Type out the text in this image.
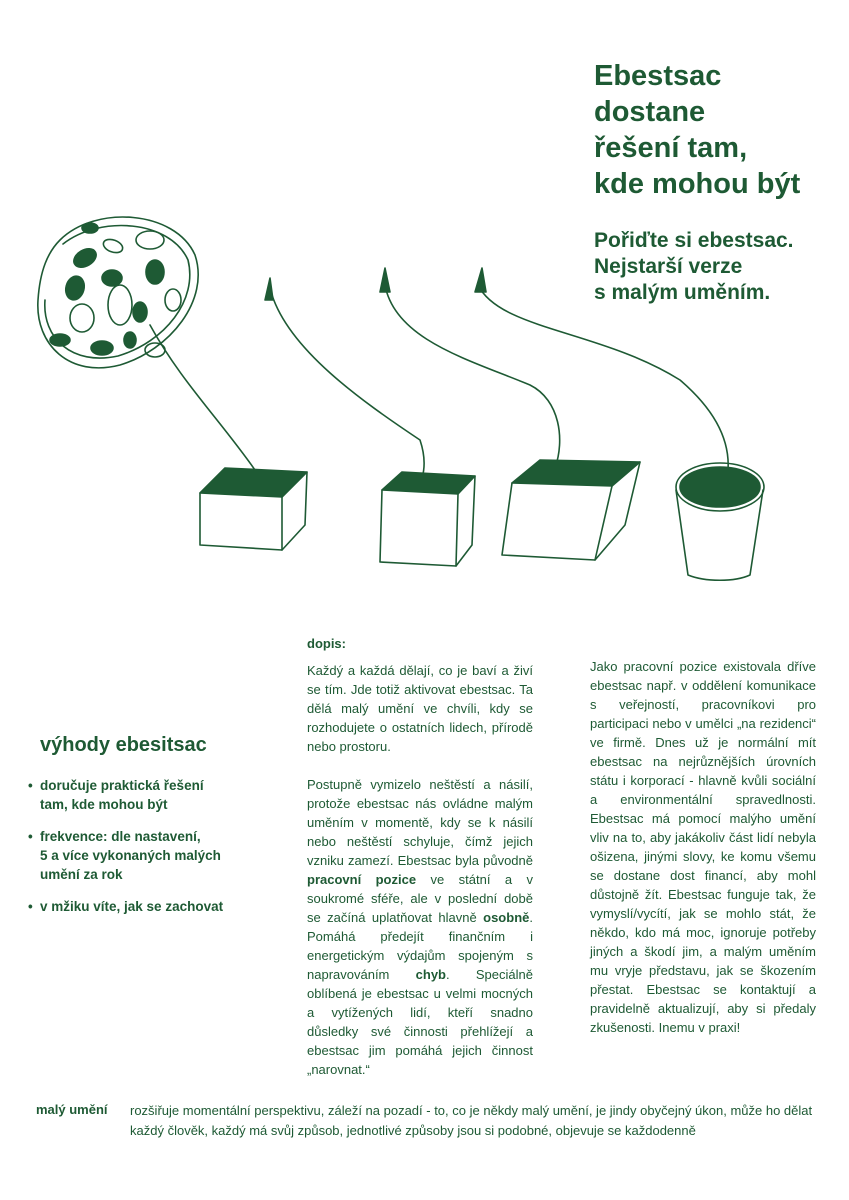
Ebestsac
dostane
řešení tam,
kde mohou být
Pořiďte si ebestsac.
Nejstarší verze
s malým uměním.
výhody ebesitsac
• doručuje praktická řešení
tam, kde mohou být
• frekvence: dle nastavení,
5 a více vykonaných malých
umění za rok
• v mžiku víte, jak se zachovat

dopis:

Každý a každá dělají, co je baví a živí se tím. Jde totiž aktivovat ebestsac. Ta dělá malý umění ve chvíli, kdy se rozhodujete o ostatních lidech, přírodě nebo prostoru.

Postupně vymizelo neštěstí a násilí, protože ebestsac nás ovládne malým uměním v momentě, kdy se k násilí nebo neštěstí schyluje, čímž jejich vzniku zamezí. Ebestsac byla původně pracovní pozice ve státní a v soukromé sféře, ale v poslední době se začíná uplatňovat hlavně osobně. Pomáhá předejít finančním i energetickým výdajům spojeným s napravováním chyb. Speciálně oblíbená je ebestsac u velmi mocných a vytížených lidí, kteří snadno důsledky své činnosti přehlížejí a ebestsac jim pomáhá jejich činnost „narovnat.“

Jako pracovní pozice existovala dříve ebestsac např. v oddělení komunikace s veřejností, pracovníkovi pro participaci nebo v umělci „na rezidenci“ ve firmě. Dnes už je normální mít ebestsac na nejrůznějších úrovních státu i korporací - hlavně kvůli sociální a environmentální spravedlnosti. Ebestsac má pomocí malýho umění vliv na to, aby jakákoliv část lidí nebyla ošizena, jinými slovy, ke komu všemu se dostane dost financí, aby mohl důstojně žít. Ebestsac funguje tak, že vymyslí/vycítí, jak se mohlo stát, že někdo, kdo má moc, ignoruje potřeby jiných a škodí jim, a malým uměním mu vryje představu, jak se škozením přestat. Ebestsac se kontaktují a pravidelně aktualizují, aby si předaly zkušenosti. Inemu v praxi!

malý umění rozšiřuje momentální perspektivu, záleží na pozadí - to, co je někdy malý umění, je jindy obyčejný úkon, může ho dělat každý člověk, každý má svůj způsob, jednotlivé způsoby jsou si podobné, objevuje se každodenně
